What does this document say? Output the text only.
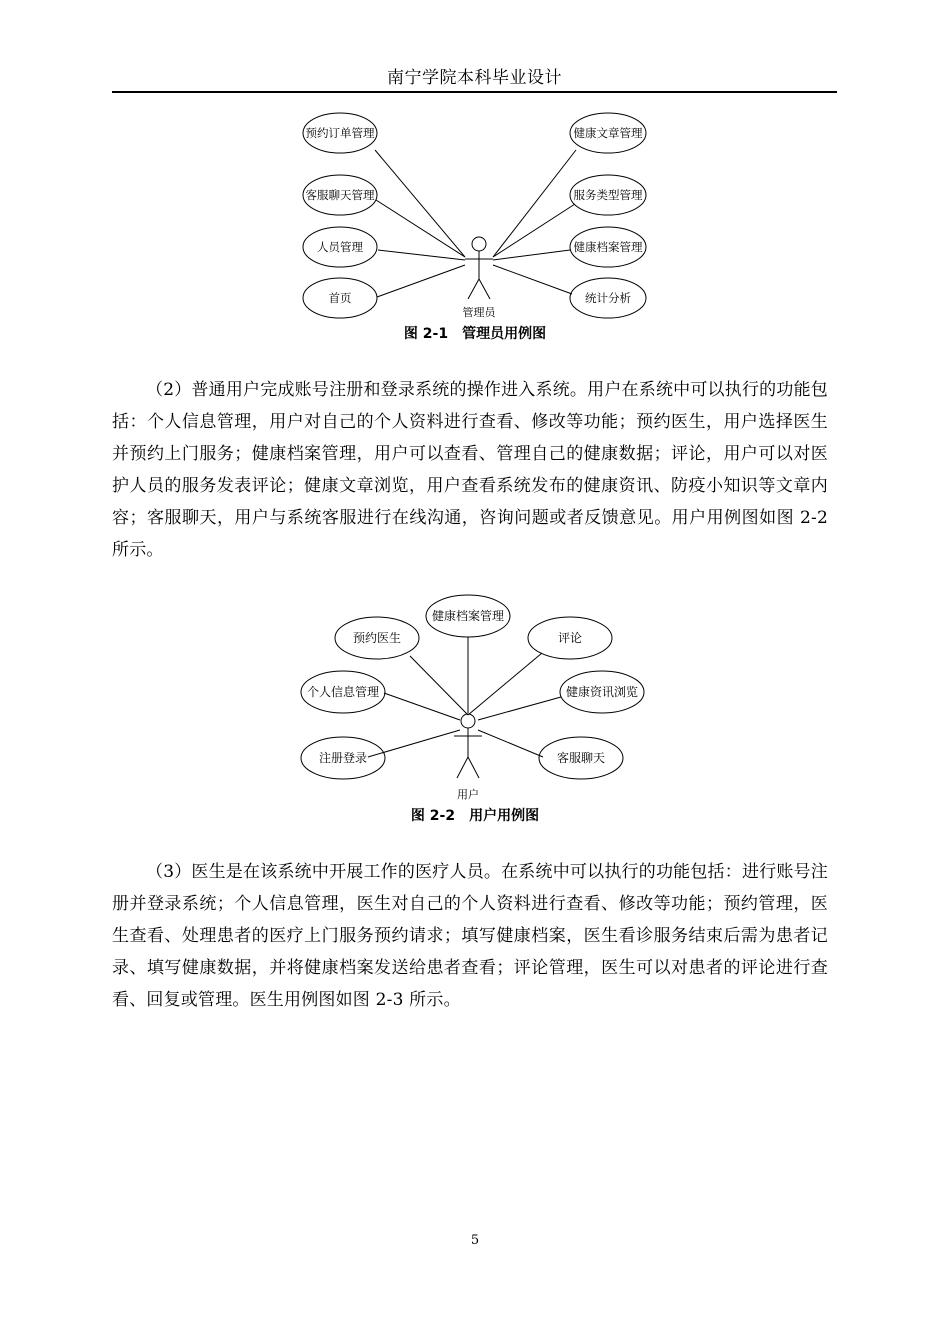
南宁学院本科毕业设计
预约订单管理
客服聊天管理
人员管理
首页
健康文章管理
服务类型管理
健康档案管理
统计分析
管理员
图 2-1　管理员用例图

（2）普通用户完成账号注册和登录系统的操作进入系统。用户在系统中可以执行的功能包括：个人信息管理，用户对自己的个人资料进行查看、修改等功能；预约医生，用户选择医生并预约上门服务；健康档案管理，用户可以查看、管理自己的健康数据；评论，用户可以对医护人员的服务发表评论；健康文章浏览，用户查看系统发布的健康资讯、防疫小知识等文章内容；客服聊天，用户与系统客服进行在线沟通，咨询问题或者反馈意见。用户用例图如图 2-2 所示。

预约医生
健康档案管理
评论
个人信息管理	健康资讯浏览
注册登录	客服聊天
用户
图 2-2　用户用例图

（3）医生是在该系统中开展工作的医疗人员。在系统中可以执行的功能包括：进行账号注册并登录系统；个人信息管理，医生对自己的个人资料进行查看、修改等功能；预约管理，医生查看、处理患者的医疗上门服务预约请求；填写健康档案，医生看诊服务结束后需为患者记录、填写健康数据，并将健康档案发送给患者查看；评论管理，医生可以对患者的评论进行查看、回复或管理。医生用例图如图 2-3 所示。

5
